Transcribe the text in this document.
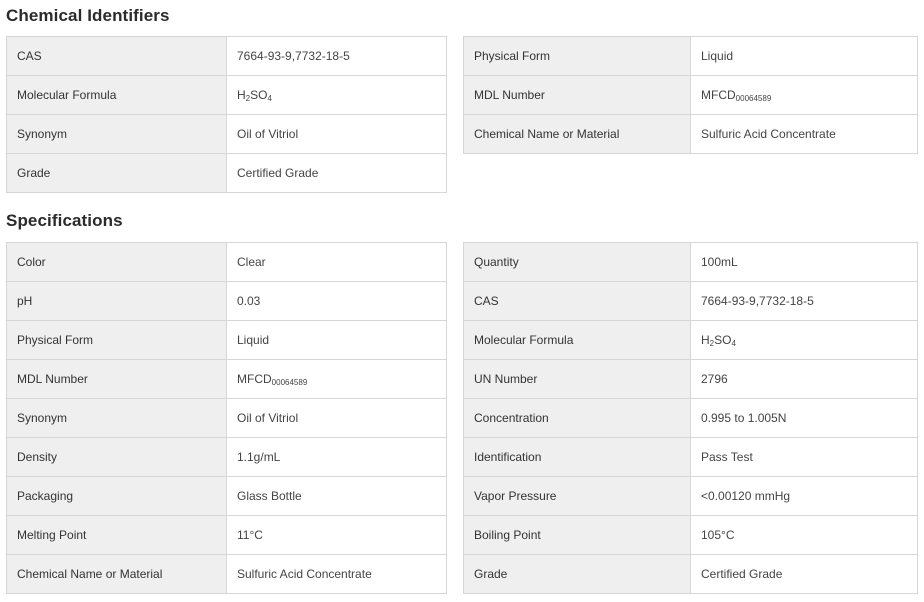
Chemical Identifiers
CAS	7664-93-9,7732-18-5
Molecular Formula	$H_2SO_4$
Synonym	Oil of Vitriol
Grade	Certified Grade
Physical Form	Liquid
MDL Number	$MFCD_{00064589}$
Chemical Name or Material	Sulfuric Acid Concentrate
Specifications
Color	Clear
pH	0.03
Physical Form	Liquid
MDL Number	$MFCD_{00064589}$
Synonym	Oil of Vitriol
Density	1.1g/mL
Packaging	Glass Bottle
Melting Point	11°C
Chemical Name or Material	Sulfuric Acid Concentrate
Quantity	100mL
CAS	7664-93-9,7732-18-5
Molecular Formula	$H_2SO_4$
UN Number	2796
Concentration	0.995 to 1.005N
Identification	Pass Test
Vapor Pressure	<0.00120 mmHg
Boiling Point	105°C
Grade	Certified Grade
